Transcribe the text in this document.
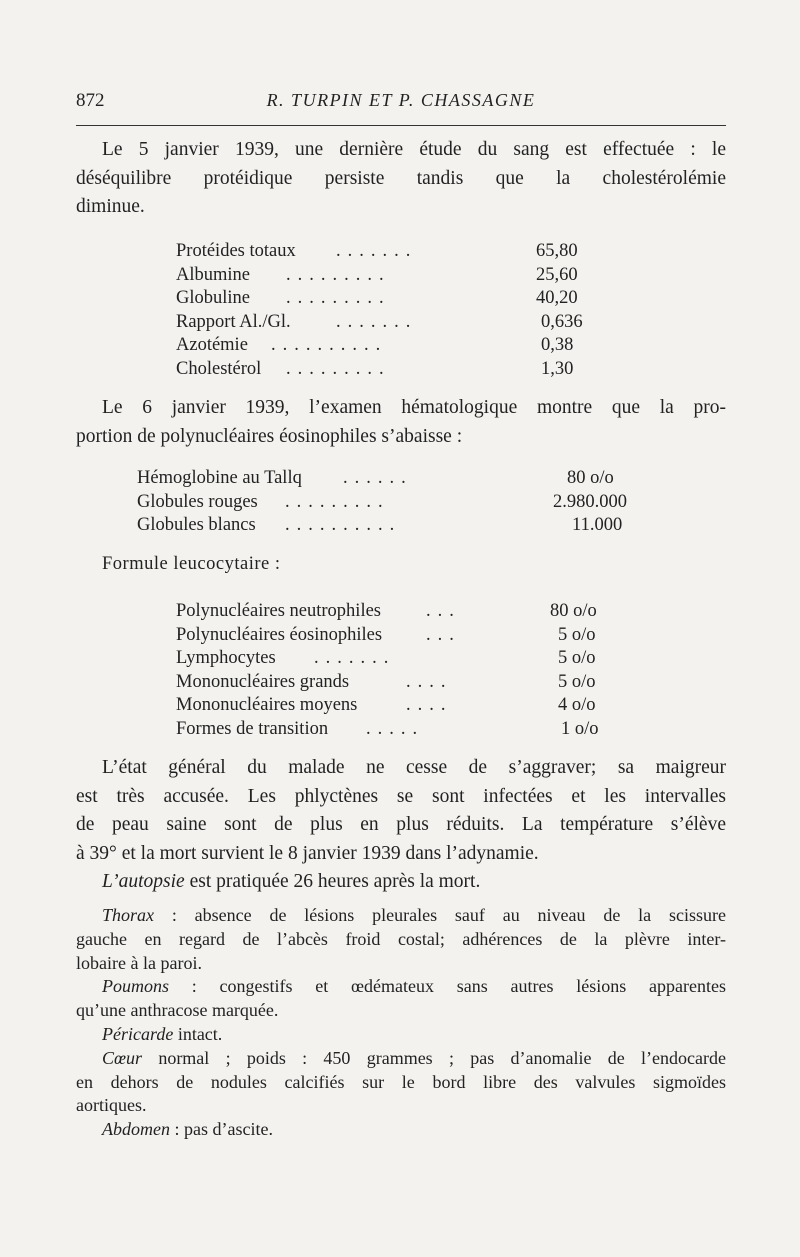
872	R. TURPIN ET P. CHASSAGNE
Le 5 janvier 1939, une dernière étude du sang est effectuée : le
déséquilibre protéidique persiste tandis que la cholestérolémie
diminue.
Protéides totaux .......	65,80
Albumine .........	25,60
Globuline .........	40,20
Rapport Al./Gl. .......	0,636
Azotémie ..........	0,38
Cholestérol .........	1,30
Le 6 janvier 1939, l’examen hématologique montre que la pro-
portion de polynucléaires éosinophiles s’abaisse :
Hémoglobine au Tallq ......	80 o/o
Globules rouges .........	2.980.000
Globules blancs ..........	11.000
Formule leucocytaire :
Polynucléaires neutrophiles ...	80 o/o
Polynucléaires éosinophiles ...	5 o/o
Lymphocytes .......	5 o/o
Mononucléaires grands	....	5 o/o
Mononucléaires moyens	....	4 o/o
Formes de transition .....	1 o/o
L’état général du malade ne cesse de s’aggraver; sa maigreur
est très accusée. Les phlyctènes se sont infectées et les intervalles
de peau saine sont de plus en plus réduits. La température s’élève
à 39° et la mort survient le 8 janvier 1939 dans l’adynamie.
L’autopsie est pratiquée 26 heures après la mort.
Thorax : absence de lésions pleurales sauf au niveau de la scissure
gauche en regard de l’abcès froid costal; adhérences de la plèvre inter-
lobaire à la paroi.
Poumons : congestifs et œdémateux sans autres lésions apparentes
qu’une anthracose marquée.
Péricarde intact.
Cœur normal ; poids : 450 grammes ; pas d’anomalie de l’endocarde
en dehors de nodules calcifiés sur le bord libre des valvules sigmoïdes
aortiques.
Abdomen : pas d’ascite.
